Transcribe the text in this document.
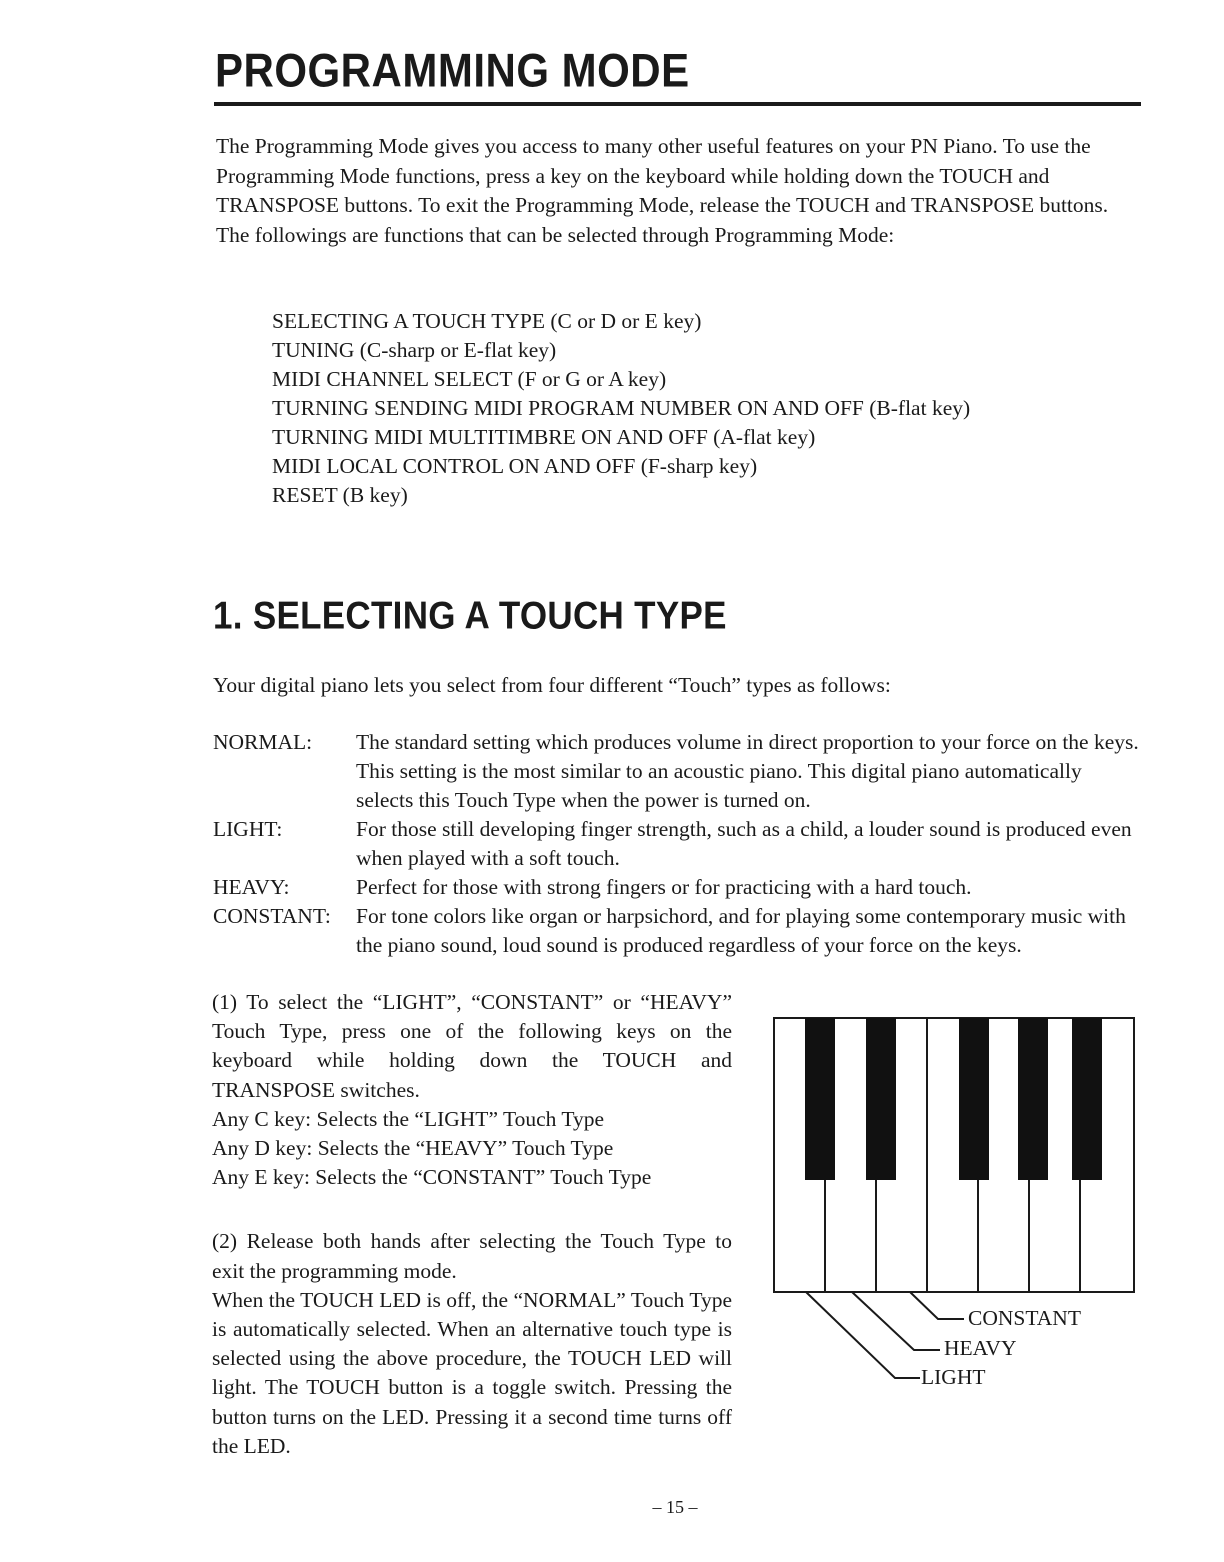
PROGRAMMING MODE

The Programming Mode gives you access to many other useful features on your PN Piano. To use the Programming Mode functions, press a key on the keyboard while holding down the TOUCH and TRANSPOSE buttons. To exit the Programming Mode, release the TOUCH and TRANSPOSE buttons.

The followings are functions that can be selected through Programming Mode:

SELECTING A TOUCH TYPE (C or D or E key)
TUNING (C-sharp or E-flat key)
MIDI CHANNEL SELECT (F or G or A key)
TURNING SENDING MIDI PROGRAM NUMBER ON AND OFF (B-flat key)
TURNING MIDI MULTITIMBRE ON AND OFF (A-flat key)
MIDI LOCAL CONTROL ON AND OFF (F-sharp key)
RESET (B key)
1. SELECTING A TOUCH TYPE

Your digital piano lets you select from four different “Touch” types as follows:

NORMAL:	The standard setting which produces volume in direct proportion to your force on the keys. This setting is the most similar to an acoustic piano. This digital piano automatically selects this Touch Type when the power is turned on.
LIGHT:	For those still developing finger strength, such as a child, a louder sound is produced even when played with a soft touch.
HEAVY:	Perfect for those with strong fingers or for practicing with a hard touch.
CONSTANT:	For tone colors like organ or harpsichord, and for playing some contemporary music with the piano sound, loud sound is produced regardless of your force on the keys.

(1) To select the “LIGHT”, “CONSTANT” or “HEAVY” Touch Type, press one of the following keys on the keyboard while holding down the TOUCH and TRANSPOSE switches.

Any C key: Selects the “LIGHT” Touch Type

Any D key: Selects the “HEAVY” Touch Type

Any E key: Selects the “CONSTANT” Touch Type

(2) Release both hands after selecting the Touch Type to exit the programming mode.

When the TOUCH LED is off, the “NORMAL” Touch Type is automatically selected. When an alternative touch type is selected using the above procedure, the TOUCH LED will light. The TOUCH button is a toggle switch. Pressing the button turns on the LED. Pressing it a second time turns off the LED.

CONSTANT
HEAVY
LIGHT
– 15 –
